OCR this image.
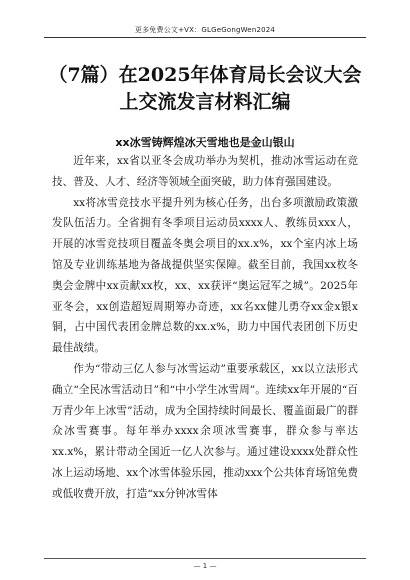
更多免费公文+VX：GLGeGongWen2024
（7篇）在2025年体育局长会议大会上交流发言材料汇编
xx冰雪铸辉煌冰天雪地也是金山银山

近年来，xx省以亚冬会成功举办为契机，推动冰雪运动在竞技、普及、人才、经济等领域全面突破，助力体育强国建设。

xx将冰雪竞技水平提升列为核心任务，出台多项激励政策激发队伍活力。全省拥有冬季项目运动员xxxx人、教练员xxx人，开展的冰雪竞技项目覆盖冬奥会项目的xx.x%，xx个室内冰上场馆及专业训练基地为备战提供坚实保障。截至目前，我国xx枚冬奥会金牌中xx贡献xx枚，xx、xx获评“奥运冠军之城”。2025年亚冬会，xx创造超短周期筹办奇迹，xx名xx健儿勇夺xx金x银x铜，占中国代表团金牌总数的xx.x%，助力中国代表团创下历史最佳战绩。

作为“带动三亿人参与冰雪运动”重要承载区，xx以立法形式确立“全民冰雪活动日”和“中小学生冰雪周”。连续xx年开展的“百万青少年上冰雪”活动，成为全国持续时间最长、覆盖面最广的群众冰雪赛事。每年举办xxxx余项冰雪赛事，群众参与率达xx.x%，累计带动全国近一亿人次参与。通过建设xxxx处群众性冰上运动场地、xx个冰雪体验乐园，推动xxx个公共体育场馆免费或低收费开放，打造“xx分钟冰雪体

— 1 —
